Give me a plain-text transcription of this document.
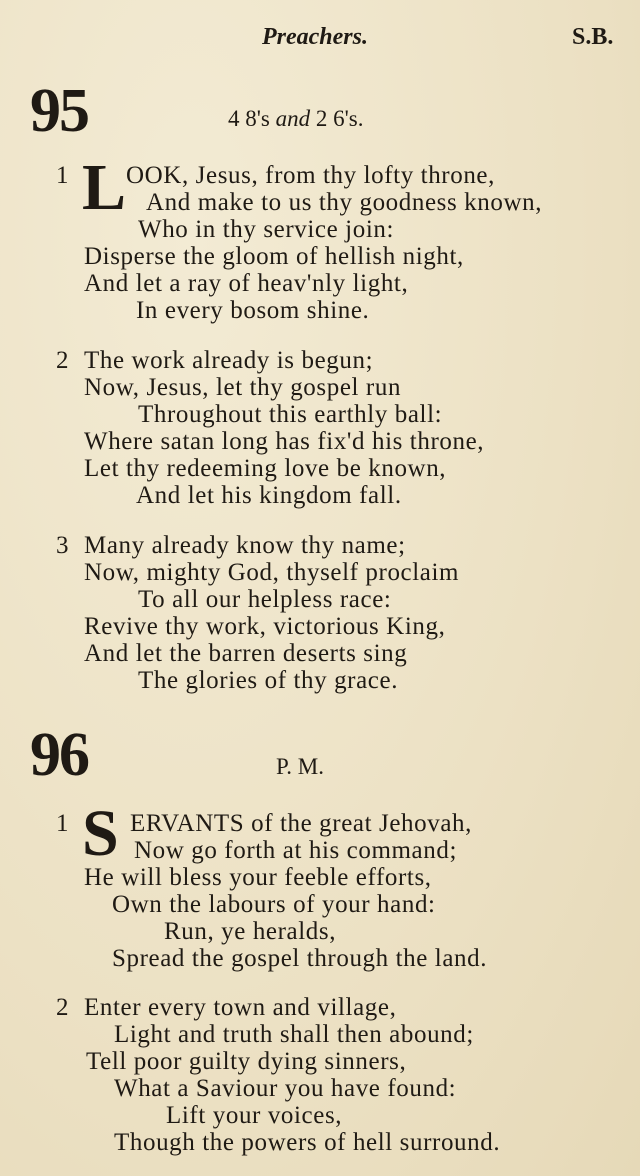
Preachers.	S.B.
95	4 8's and 2 6's.
1 L OOK, Jesus, from thy lofty throne,
And make to us thy goodness known,
Who in thy service join:
Disperse the gloom of hellish night,
And let a ray of heav'nly light,
In every bosom shine.
2 The work already is begun;
Now, Jesus, let thy gospel run
Throughout this earthly ball:
Where satan long has fix'd his throne,
Let thy redeeming love be known,
And let his kingdom fall.
3 Many already know thy name;
Now, mighty God, thyself proclaim
To all our helpless race:
Revive thy work, victorious King,
And let the barren deserts sing
The glories of thy grace.
96	P. M.
1 S ERVANTS of the great Jehovah,
Now go forth at his command;
He will bless your feeble efforts,
Own the labours of your hand:
Run, ye heralds,
Spread the gospel through the land.
2 Enter every town and village,
Light and truth shall then abound;
Tell poor guilty dying sinners,
What a Saviour you have found:
Lift your voices,
Though the powers of hell surround.
